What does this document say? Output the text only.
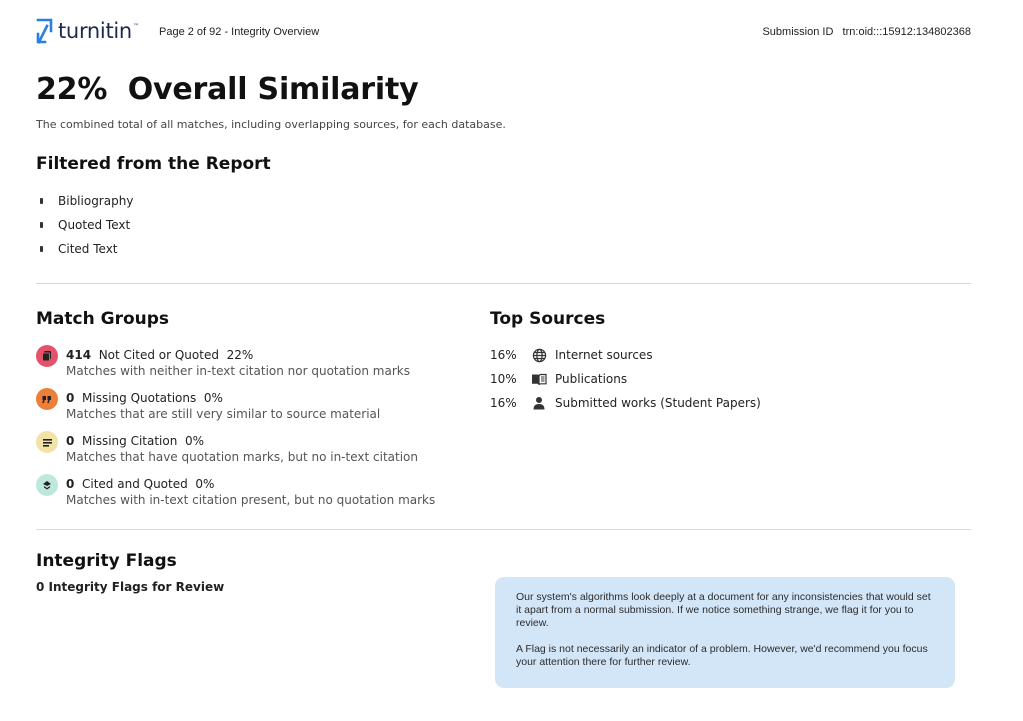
turnitin ™ Page 2 of 92 - Integrity Overview	Submission ID   trn:oid:::15912:134802368
22%  Overall Similarity
The combined total of all matches, including overlapping sources, for each database.
Filtered from the Report
Bibliography
Quoted Text
Cited Text
Match Groups
414 Not Cited or Quoted  22%
Matches with neither in-text citation nor quotation marks
0 Missing Quotations  0%
Matches that are still very similar to source material
0 Missing Citation  0%
Matches that have quotation marks, but no in-text citation
0 Cited and Quoted  0%
Matches with in-text citation present, but no quotation marks
Top Sources
16%	Internet sources
10%	Publications
16%	Submitted works (Student Papers)
Integrity Flags
0 Integrity Flags for Review

Our system's algorithms look deeply at a document for any inconsistencies that would set it apart from a normal submission. If we notice something strange, we flag it for you to review.

A Flag is not necessarily an indicator of a problem. However, we'd recommend you focus your attention there for further review.
